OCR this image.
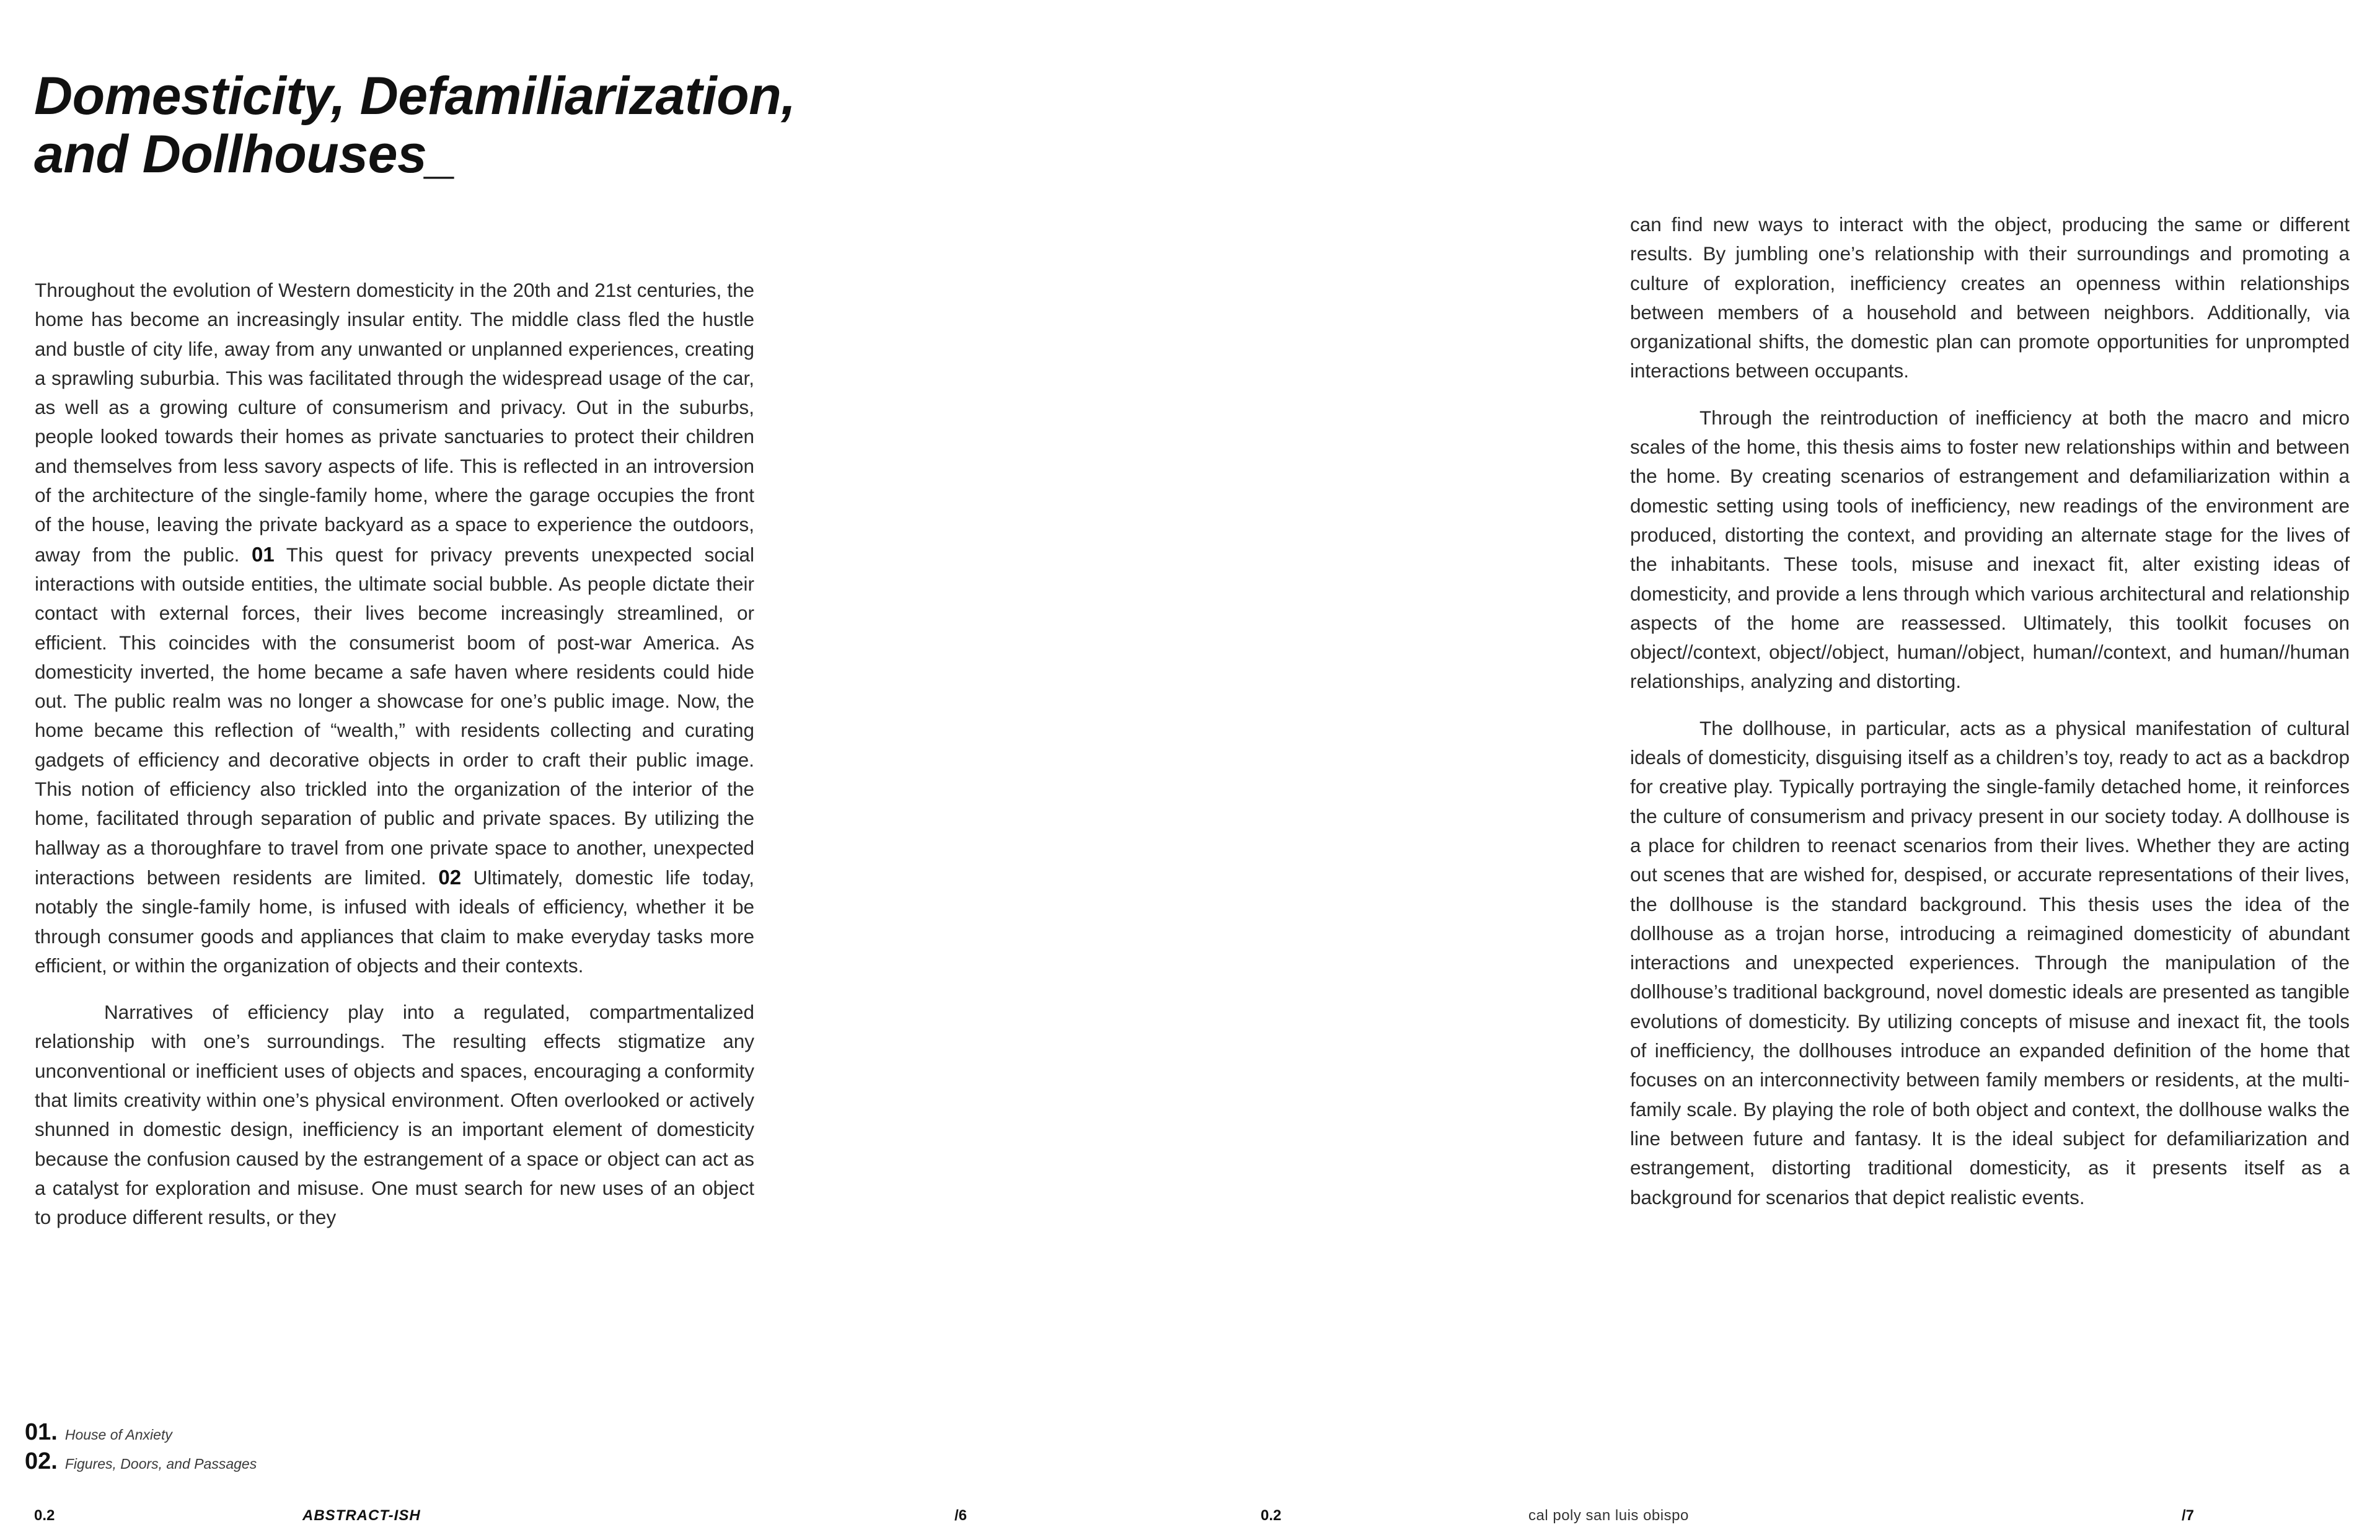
Domesticity, Defamiliarization,
and Dollhouses_

Throughout the evolution of Western domesticity in the 20th and 21st centuries, the home has become an increasingly insular entity. The middle class fled the hustle and bustle of city life, away from any unwanted or unplanned experiences, creating a sprawling suburbia. This was facilitated through the widespread usage of the car, as well as a growing culture of consumerism and privacy. Out in the suburbs, people looked towards their homes as private sanctuaries to protect their children and themselves from less savory aspects of life. This is reflected in an introversion of the architecture of the single-family home, where the garage occupies the front of the house, leaving the private backyard as a space to experience the outdoors, away from the public. 01 This quest for privacy prevents unexpected social interactions with outside entities, the ultimate social bubble. As people dictate their contact with external forces, their lives become increasingly streamlined, or efficient. This coincides with the consumerist boom of post-war America. As domesticity inverted, the home became a safe haven where residents could hide out. The public realm was no longer a showcase for one’s public image. Now, the home became this reflection of “wealth,” with residents collecting and curating gadgets of efficiency and decorative objects in order to craft their public image. This notion of efficiency also trickled into the organization of the interior of the home, facilitated through separation of public and private spaces. By utilizing the hallway as a thoroughfare to travel from one private space to another, unexpected interactions between residents are limited. 02 Ultimately, domestic life today, notably the single-family home, is infused with ideals of efficiency, whether it be through consumer goods and appliances that claim to make everyday tasks more efficient, or within the organization of objects and their contexts.

Narratives of efficiency play into a regulated, compartmentalized relationship with one’s surroundings. The resulting effects stigmatize any unconventional or inefficient uses of objects and spaces, encouraging a conformity that limits creativity within one’s physical environment. Often overlooked or actively shunned in domestic design, inefficiency is an important element of domesticity because the confusion caused by the estrangement of a space or object can act as a catalyst for exploration and misuse. One must search for new uses of an object to produce different results, or they

can find new ways to interact with the object, producing the same or different results. By jumbling one’s relationship with their surroundings and promoting a culture of exploration, inefficiency creates an openness within relationships between members of a household and between neighbors. Additionally, via organizational shifts, the domestic plan can promote opportunities for unprompted interactions between occupants.

Through the reintroduction of inefficiency at both the macro and micro scales of the home, this thesis aims to foster new relationships within and between the home. By creating scenarios of estrangement and defamiliarization within a domestic setting using tools of inefficiency, new readings of the environment are produced, distorting the context, and providing an alternate stage for the lives of the inhabitants. These tools, misuse and inexact fit, alter existing ideas of domesticity, and provide a lens through which various architectural and relationship aspects of the home are reassessed. Ultimately, this toolkit focuses on object//context, object//object, human//object, human//context, and human//human relationships, analyzing and distorting.

The dollhouse, in particular, acts as a physical manifestation of cultural ideals of domesticity, disguising itself as a children’s toy, ready to act as a backdrop for creative play. Typically portraying the single-family detached home, it reinforces the culture of consumerism and privacy present in our society today. A dollhouse is a place for children to reenact scenarios from their lives. Whether they are acting out scenes that are wished for, despised, or accurate representations of their lives, the dollhouse is the standard background. This thesis uses the idea of the dollhouse as a trojan horse, introducing a reimagined domesticity of abundant interactions and unexpected experiences. Through the manipulation of the dollhouse’s traditional background, novel domestic ideals are presented as tangible evolutions of domesticity. By utilizing concepts of misuse and inexact fit, the tools of inefficiency, the dollhouses introduce an expanded definition of the home that focuses on an interconnectivity between family members or residents, at the multi-family scale. By playing the role of both object and context, the dollhouse walks the line between future and fantasy. It is the ideal subject for defamiliarization and estrangement, distorting traditional domesticity, as it presents itself as a background for scenarios that depict realistic events.

01. House of Anxiety
02. Figures, Doors, and Passages
0.2	ABSTRACT-ISH	/6	0.2	cal poly san luis obispo	/7
